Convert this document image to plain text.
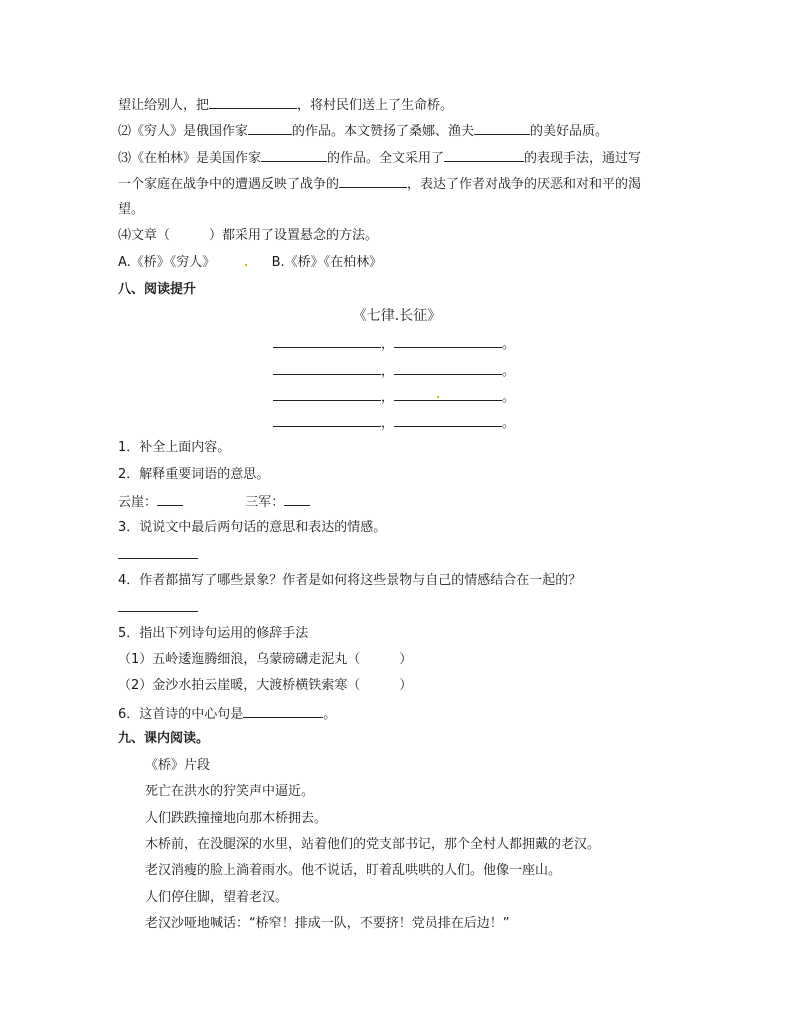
望让给别人，把	，将村民们送上了生命桥。
⑵《穷人》是俄国作家	的作品。本文赞扬了桑娜、渔夫	的美好品质。
⑶《在柏林》是美国作家	的作品。全文采用了	的表现手法，通过写
一个家庭在战争中的遭遇反映了战争的	，表达了作者对战争的厌恶和对和平的渴
望。
⑷文章（　　　）都采用了设置悬念的方法。
A.《桥》《穷人》	B.《桥》《在柏林》
八、阅读提升
《七律.长征》
，	。
，	。
，	。
，	。
1．补全上面内容。
2．解释重要词语的意思。
云崖：	三军：
3．说说文中最后两句话的意思和表达的情感。
4．作者都描写了哪些景象？作者是如何将这些景物与自己的情感结合在一起的？
5．指出下列诗句运用的修辞手法
（1）五岭逶迤腾细浪，乌蒙磅礴走泥丸（　　　）
（2）金沙水拍云崖暖，大渡桥横铁索寒（　　　）
6．这首诗的中心句是	。
九、课内阅读。
《桥》片段
死亡在洪水的狞笑声中逼近。
人们跌跌撞撞地向那木桥拥去。
木桥前，在没腿深的水里，站着他们的党支部书记，那个全村人都拥戴的老汉。
老汉消瘦的脸上淌着雨水。他不说话，盯着乱哄哄的人们。他像一座山。
人们停住脚，望着老汉。
老汉沙哑地喊话：“桥窄！排成一队，不要挤！党员排在后边！”
